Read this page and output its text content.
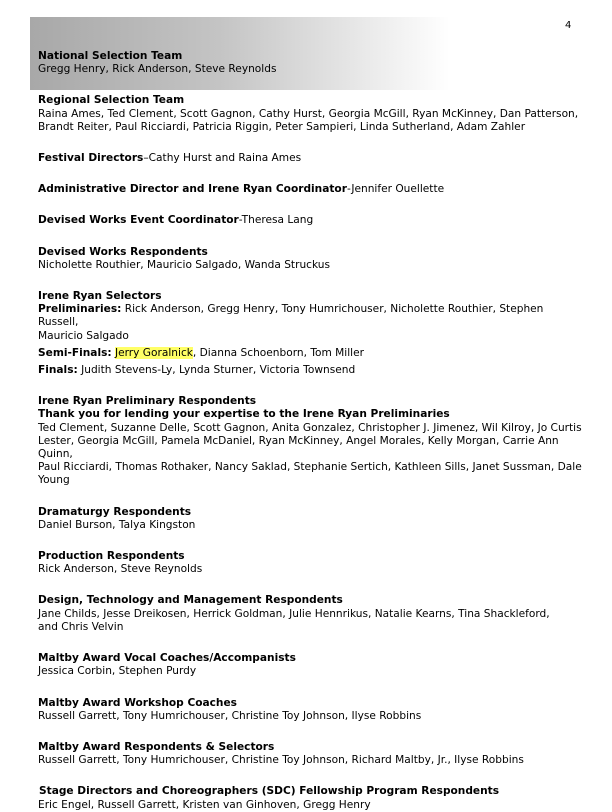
4
National Selection Team
Gregg Henry, Rick Anderson, Steve Reynolds
Regional Selection Team
Raina Ames, Ted Clement, Scott Gagnon, Cathy Hurst, Georgia McGill, Ryan McKinney, Dan Patterson,
Brandt Reiter, Paul Ricciardi, Patricia Riggin, Peter Sampieri, Linda Sutherland, Adam Zahler
Festival Directors–Cathy Hurst and Raina Ames
Administrative Director and Irene Ryan Coordinator-Jennifer Ouellette
Devised Works Event Coordinator-Theresa Lang
Devised Works Respondents
Nicholette Routhier, Mauricio Salgado, Wanda Struckus
Irene Ryan Selectors
Preliminaries: Rick Anderson, Gregg Henry, Tony Humrichouser, Nicholette Routhier, Stephen Russell,
Mauricio Salgado
Semi-Finals: Jerry Goralnick, Dianna Schoenborn, Tom Miller
Finals: Judith Stevens-Ly, Lynda Sturner, Victoria Townsend
Irene Ryan Preliminary Respondents
Thank you for lending your expertise to the Irene Ryan Preliminaries
Ted Clement, Suzanne Delle, Scott Gagnon, Anita Gonzalez, Christopher J. Jimenez, Wil Kilroy, Jo Curtis
Lester, Georgia McGill, Pamela McDaniel, Ryan McKinney, Angel Morales, Kelly Morgan, Carrie Ann Quinn,
Paul Ricciardi, Thomas Rothaker, Nancy Saklad, Stephanie Sertich, Kathleen Sills, Janet Sussman, Dale
Young
Dramaturgy Respondents
Daniel Burson, Talya Kingston
Production Respondents
Rick Anderson, Steve Reynolds
Design, Technology and Management Respondents
Jane Childs, Jesse Dreikosen, Herrick Goldman, Julie Hennrikus, Natalie Kearns, Tina Shackleford,
and Chris Velvin
Maltby Award Vocal Coaches/Accompanists
Jessica Corbin, Stephen Purdy
Maltby Award Workshop Coaches
Russell Garrett, Tony Humrichouser, Christine Toy Johnson, Ilyse Robbins
Maltby Award Respondents & Selectors
Russell Garrett, Tony Humrichouser, Christine Toy Johnson, Richard Maltby, Jr., Ilyse Robbins
Stage Directors and Choreographers (SDC) Fellowship Program Respondents
Eric Engel, Russell Garrett, Kristen van Ginhoven, Gregg Henry
